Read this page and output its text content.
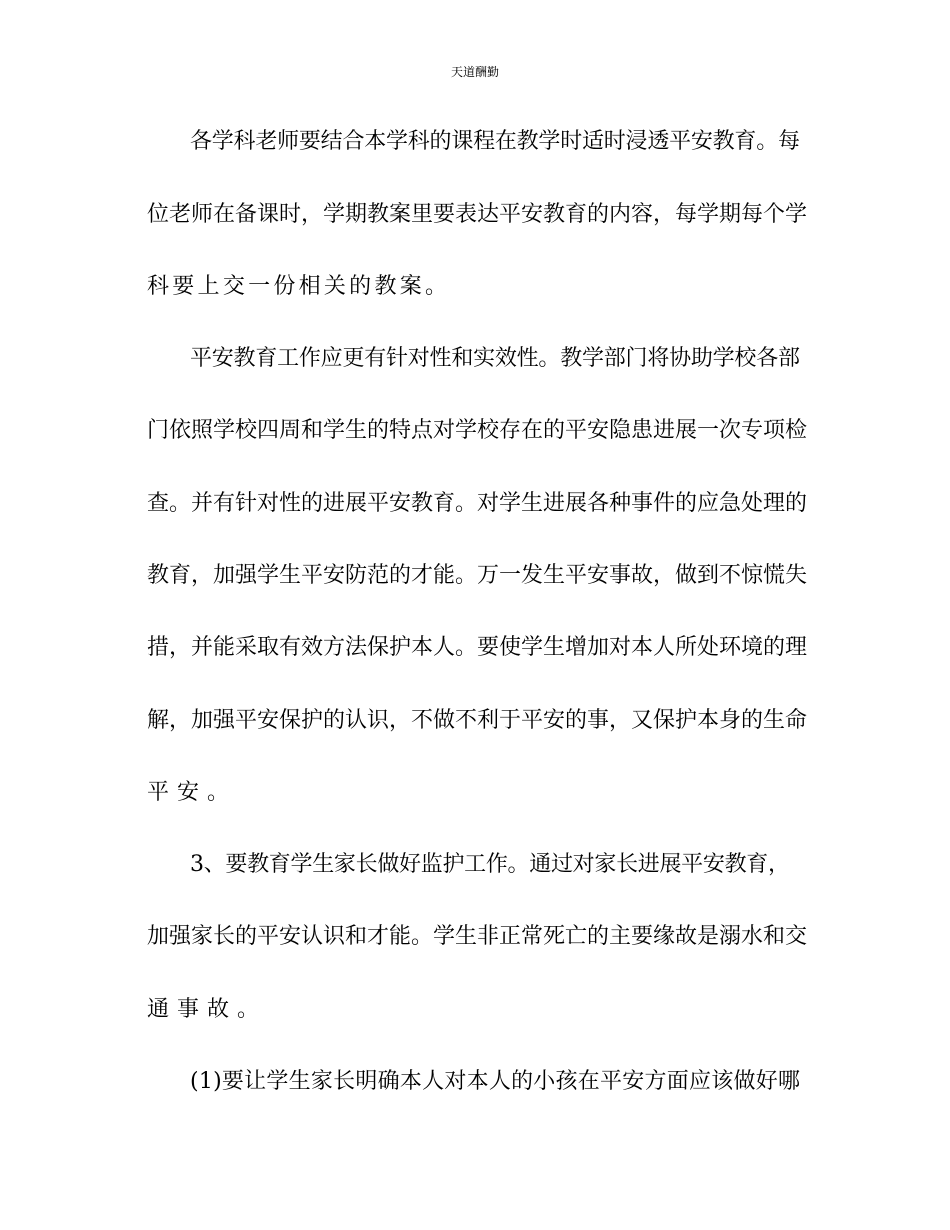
天道酬勤
各学科老师要结合本学科的课程在教学时适时浸透平安教育。每
位老师在备课时，学期教案里要表达平安教育的内容，每学期每个学
科要上交一份相关的教案。
平安教育工作应更有针对性和实效性。教学部门将协助学校各部
门依照学校四周和学生的特点对学校存在的平安隐患进展一次专项检
查。并有针对性的进展平安教育。对学生进展各种事件的应急处理的
教育，加强学生平安防范的才能。万一发生平安事故，做到不惊慌失
措，并能采取有效方法保护本人。要使学生增加对本人所处环境的理
解，加强平安保护的认识，不做不利于平安的事，又保护本身的生命
平安。
3、要教育学生家长做好监护工作。通过对家长进展平安教育，
加强家长的平安认识和才能。学生非正常死亡的主要缘故是溺水和交
通事故。
(1)要让学生家长明确本人对本人的小孩在平安方面应该做好哪
